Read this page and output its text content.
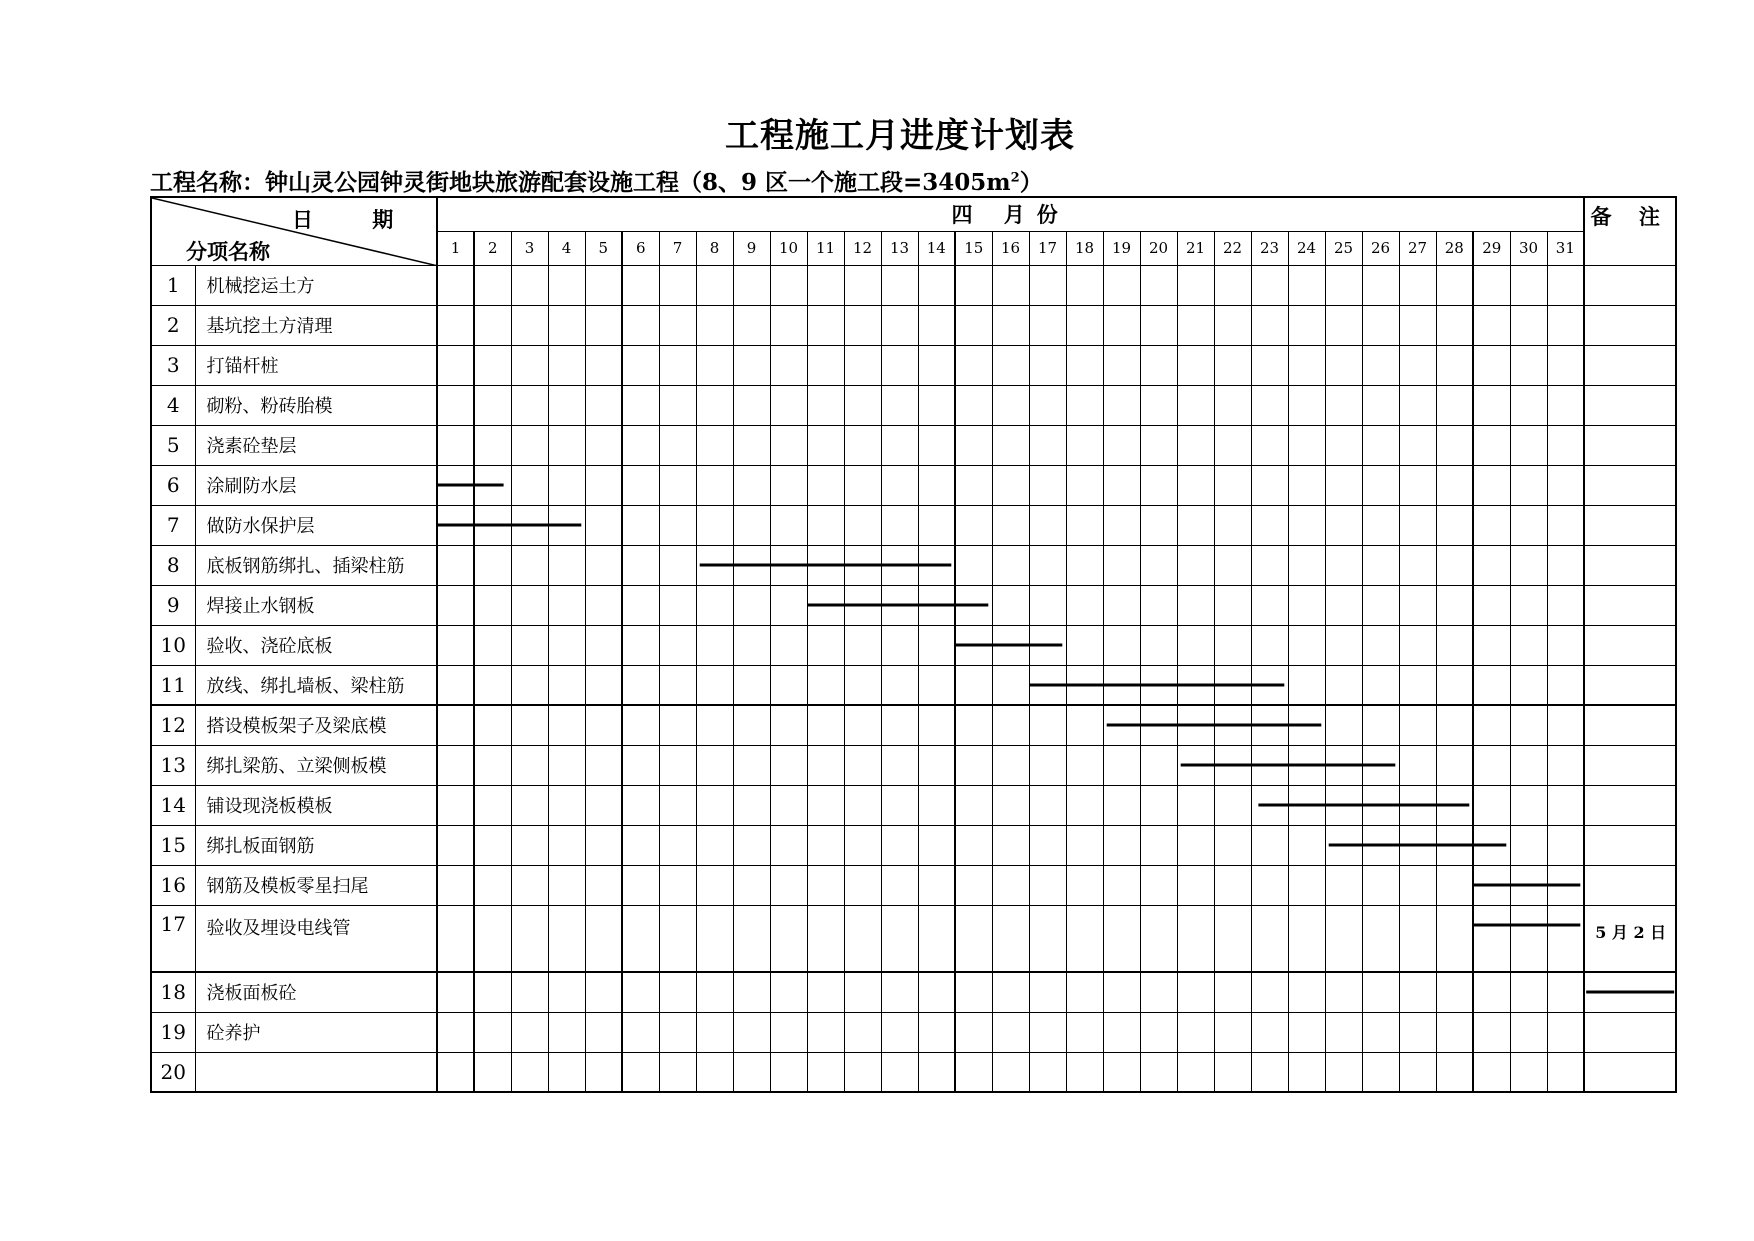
工程施工月进度计划表
工程名称：钟山灵公园钟灵街地块旅游配套设施工程（8、9 区一个施工段$=3405m^2$）
日 期
分项名称		四 月份																															备 注
		1	2	3	4	5	6	7	8	9	10	11	12	13	14	15	16	17	18	19	20	21	22	23	24	25	26	27	28	29	30	31	
1	机械挖运土方																																
2	基坑挖土方清理																																
3	打锚杆桩																																
4	砌粉、粉砖胎模																																
5	浇素砼垫层																																
6	涂刷防水层																																
7	做防水保护层																																
8	底板钢筋绑扎、插梁柱筋																																
9	焊接止水钢板																																
10	验收、浇砼底板																																
11	放线、绑扎墙板、梁柱筋																																
12	搭设模板架子及梁底模																																
13	绑扎梁筋、立梁侧板模																																
14	铺设现浇板模板																																
15	绑扎板面钢筋																																
16	钢筋及模板零星扫尾																																
17	验收及埋设电线管																																5 月 2 日
18	浇板面板砼																																
19	砼养护																																
20																																	
